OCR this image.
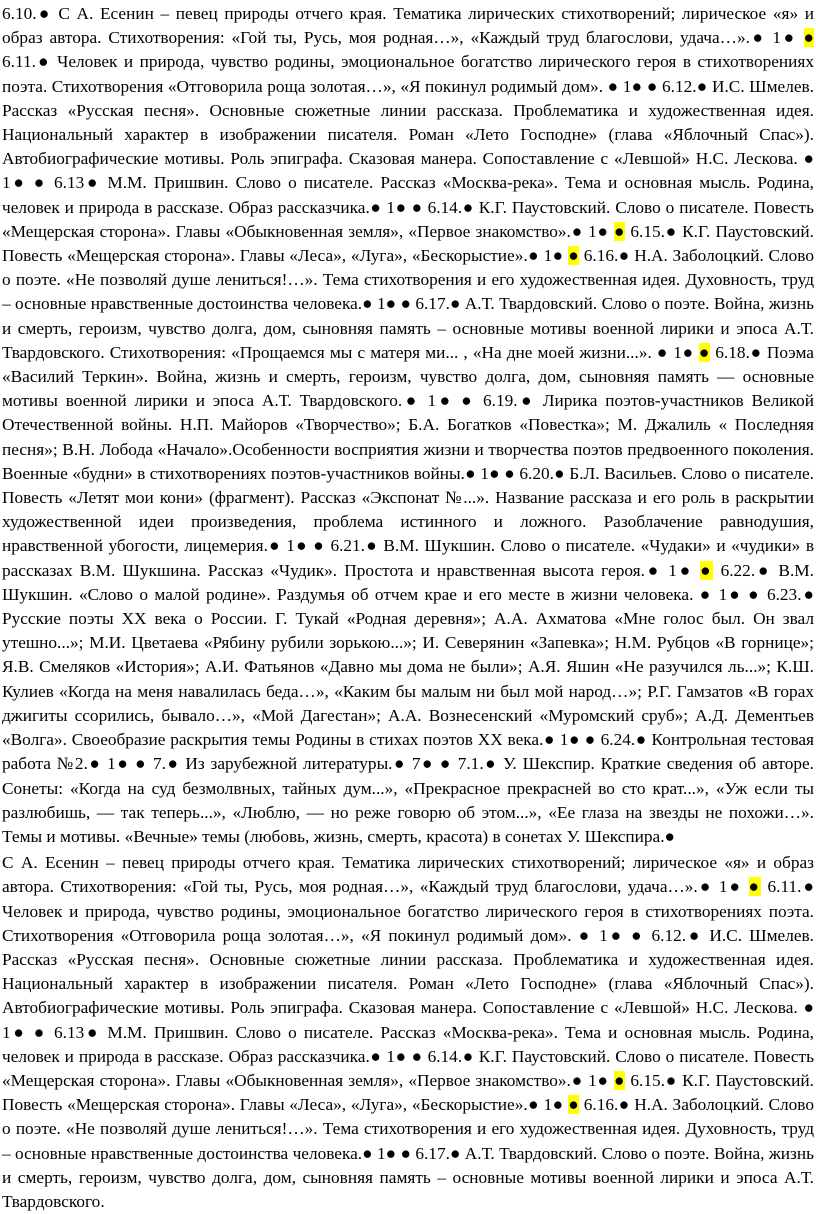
6.10.● С А. Есенин – певец природы отчего края. Тематика лирических стихотворений; лирическое «я» и образ автора. Стихотворения: «Гой ты, Русь, моя родная…», «Каждый труд благослови, удача…».● 1● ● 6.11.● Человек и природа, чувство родины, эмоциональное богатство лирического героя в стихотворениях поэта. Стихотворения «Отговорила роща золотая…», «Я покинул родимый дом». ● 1● ● 6.12.● И.С. Шмелев. Рассказ «Русская песня». Основные сюжетные линии рассказа. Проблематика и художественная идея. Национальный характер в изображении писателя. Роман «Лето Господне» (глава «Яблочный Спас»). Автобиографические мотивы. Роль эпиграфа. Сказовая манера. Сопоставление с «Левшой» Н.С. Лескова. ● 1● ● 6.13● М.М. Пришвин. Слово о писателе. Рассказ «Москва-река». Тема и основная мысль. Родина, человек и природа в рассказе. Образ рассказчика.● 1● ● 6.14.● К.Г. Паустовский. Слово о писателе. Повесть «Мещерская сторона». Главы «Обыкновенная земля», «Первое знакомство».● 1● ● 6.15.● К.Г. Паустовский. Повесть «Мещерская сторона». Главы «Леса», «Луга», «Бескорыстие».● 1● ● 6.16.● Н.А. Заболоцкий. Слово о поэте. «Не позволяй душе лениться!…». Тема стихотворения и его художественная идея. Духовность, труд – основные нравственные достоинства человека.● 1● ● 6.17.● А.Т. Твардовский. Слово о поэте. Война, жизнь и смерть, героизм, чувство долга, дом, сыновняя память – основные мотивы военной лирики и эпоса А.Т. Твардовского. Стихотворения: «Прощаемся мы с матеря ми... , «На дне моей жизни...». ● 1● ● 6.18.● Поэма «Василий Теркин». Война, жизнь и смерть, героизм, чувство долга, дом, сыновняя память — основные мотивы военной лирики и эпоса А.Т. Твардовского.● 1● ● 6.19.● Лирика поэтов-участников Великой Отечественной войны. Н.П. Майоров «Творчество»; Б.А. Богатков «Повестка»; М. Джалиль « Последняя песня»; В.Н. Лобода «Начало».Особенности восприятия жизни и творчества поэтов предвоенного поколения. Военные «будни» в стихотворениях поэтов-участников войны.● 1● ● 6.20.● Б.Л. Васильев. Слово о писателе. Повесть «Летят мои кони» (фрагмент). Рассказ «Экспонат №...». Название рассказа и его роль в раскрытии художественной идеи произведения, проблема истинного и ложного. Разоблачение равнодушия, нравственной убогости, лицемерия.● 1● ● 6.21.● В.М. Шукшин. Слово о писателе. «Чудаки» и «чудики» в рассказах В.М. Шукшина. Рассказ «Чудик». Простота и нравственная высота героя.● 1● ● 6.22.● В.М. Шукшин. «Слово о малой родине». Раздумья об отчем крае и его месте в жизни человека. ● 1● ● 6.23.● Русские поэты XX века о России. Г. Тукай «Родная деревня»; А.А. Ахматова «Мне голос был. Он звал утешно...»; М.И. Цветаева «Рябину рубили зорькою...»; И. Северянин «Запевка»; Н.М. Рубцов «В горнице»; Я.В. Смеляков «История»; А.И. Фатьянов «Давно мы дома не были»; А.Я. Яшин «Не разучился ль...»; К.Ш. Кулиев «Когда на меня навалилась беда…», «Каким бы малым ни был мой народ…»; Р.Г. Гамзатов «В горах джигиты ссорились, бывало…», «Мой Дагестан»; А.А. Вознесенский «Муромский сруб»; А.Д. Дементьев «Волга». Своеобразие раскрытия темы Родины в стихах поэтов XX века.● 1● ● 6.24.● Контрольная тестовая работа №2.● 1● ● 7.● Из зарубежной литературы.● 7● ● 7.1.● У. Шекспир. Краткие сведения об авторе. Сонеты: «Когда на суд безмолвных, тайных дум...», «Прекрасное прекрасней во сто крат...», «Уж если ты разлюбишь, — так теперь...», «Люблю, — но реже говорю об этом...», «Ее глаза на звезды не похожи…». Темы и мотивы. «Вечные» темы (любовь, жизнь, смерть, красота) в сонетах У. Шекспира.●

С А. Есенин – певец природы отчего края. Тематика лирических стихотворений; лирическое «я» и образ автора. Стихотворения: «Гой ты, Русь, моя родная…», «Каждый труд благослови, удача…».● 1● ● 6.11.● Человек и природа, чувство родины, эмоциональное богатство лирического героя в стихотворениях поэта. Стихотворения «Отговорила роща золотая…», «Я покинул родимый дом». ● 1● ● 6.12.● И.С. Шмелев. Рассказ «Русская песня». Основные сюжетные линии рассказа. Проблематика и художественная идея. Национальный характер в изображении писателя. Роман «Лето Господне» (глава «Яблочный Спас»). Автобиографические мотивы. Роль эпиграфа. Сказовая манера. Сопоставление с «Левшой» Н.С. Лескова. ● 1● ● 6.13● М.М. Пришвин. Слово о писателе. Рассказ «Москва-река». Тема и основная мысль. Родина, человек и природа в рассказе. Образ рассказчика.● 1● ● 6.14.● К.Г. Паустовский. Слово о писателе. Повесть «Мещерская сторона». Главы «Обыкновенная земля», «Первое знакомство».● 1● ● 6.15.● К.Г. Паустовский. Повесть «Мещерская сторона». Главы «Леса», «Луга», «Бескорыстие».● 1● ● 6.16.● Н.А. Заболоцкий. Слово о поэте. «Не позволяй душе лениться!…». Тема стихотворения и его художественная идея. Духовность, труд – основные нравственные достоинства человека.● 1● ● 6.17.● А.Т. Твардовский. Слово о поэте. Война, жизнь и смерть, героизм, чувство долга, дом, сыновняя память – основные мотивы военной лирики и эпоса А.Т. Твардовского.
